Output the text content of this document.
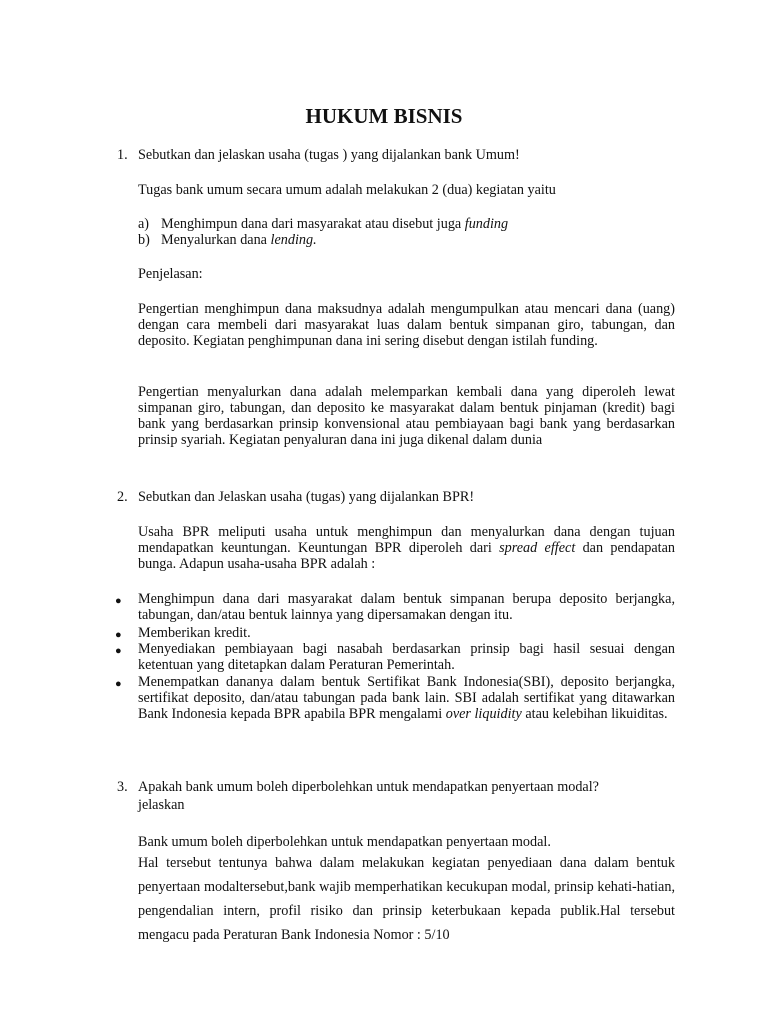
HUKUM BISNIS
1. Sebutkan dan jelaskan usaha (tugas ) yang dijalankan bank Umum!
Tugas bank umum secara umum adalah melakukan 2 (dua) kegiatan yaitu
a) Menghimpun dana dari masyarakat atau disebut juga funding
b) Menyalurkan dana lending.
Penjelasan:
Pengertian menghimpun dana maksudnya adalah mengumpulkan atau mencari dana (uang) dengan cara membeli dari masyarakat luas dalam bentuk simpanan giro, tabungan, dan deposito. Kegiatan penghimpunan dana ini sering disebut dengan istilah funding.
Pengertian menyalurkan dana adalah melemparkan kembali dana yang diperoleh lewat simpanan giro, tabungan, dan deposito ke masyarakat dalam bentuk pinjaman (kredit) bagi bank yang berdasarkan prinsip konvensional atau pembiayaan bagi bank yang berdasarkan prinsip syariah. Kegiatan penyaluran dana ini juga dikenal dalam dunia
2. Sebutkan dan Jelaskan usaha (tugas) yang dijalankan BPR!
Usaha BPR meliputi usaha untuk menghimpun dan menyalurkan dana dengan tujuan mendapatkan keuntungan. Keuntungan BPR diperoleh dari spread effect dan pendapatan bunga. Adapun usaha-usaha BPR adalah :
● Menghimpun dana dari masyarakat dalam bentuk simpanan berupa deposito berjangka, tabungan, dan/atau bentuk lainnya yang dipersamakan dengan itu.
● Memberikan kredit.
● Menyediakan pembiayaan bagi nasabah berdasarkan prinsip bagi hasil sesuai dengan ketentuan yang ditetapkan dalam Peraturan Pemerintah.
● Menempatkan dananya dalam bentuk Sertifikat Bank Indonesia(SBI), deposito berjangka, sertifikat deposito, dan/atau tabungan pada bank lain. SBI adalah sertifikat yang ditawarkan Bank Indonesia kepada BPR apabila BPR mengalami over liquidity atau kelebihan likuiditas.
3. Apakah bank umum boleh diperbolehkan untuk mendapatkan penyertaan modal?
jelaskan
Bank umum boleh diperbolehkan untuk mendapatkan penyertaan modal.
Hal tersebut tentunya bahwa dalam melakukan kegiatan penyediaan dana dalam bentuk penyertaan modaltersebut,bank wajib memperhatikan kecukupan modal, prinsip kehati-hatian, pengendalian intern, profil risiko dan prinsip keterbukaan kepada publik.Hal tersebut mengacu pada Peraturan Bank Indonesia Nomor : 5/10
